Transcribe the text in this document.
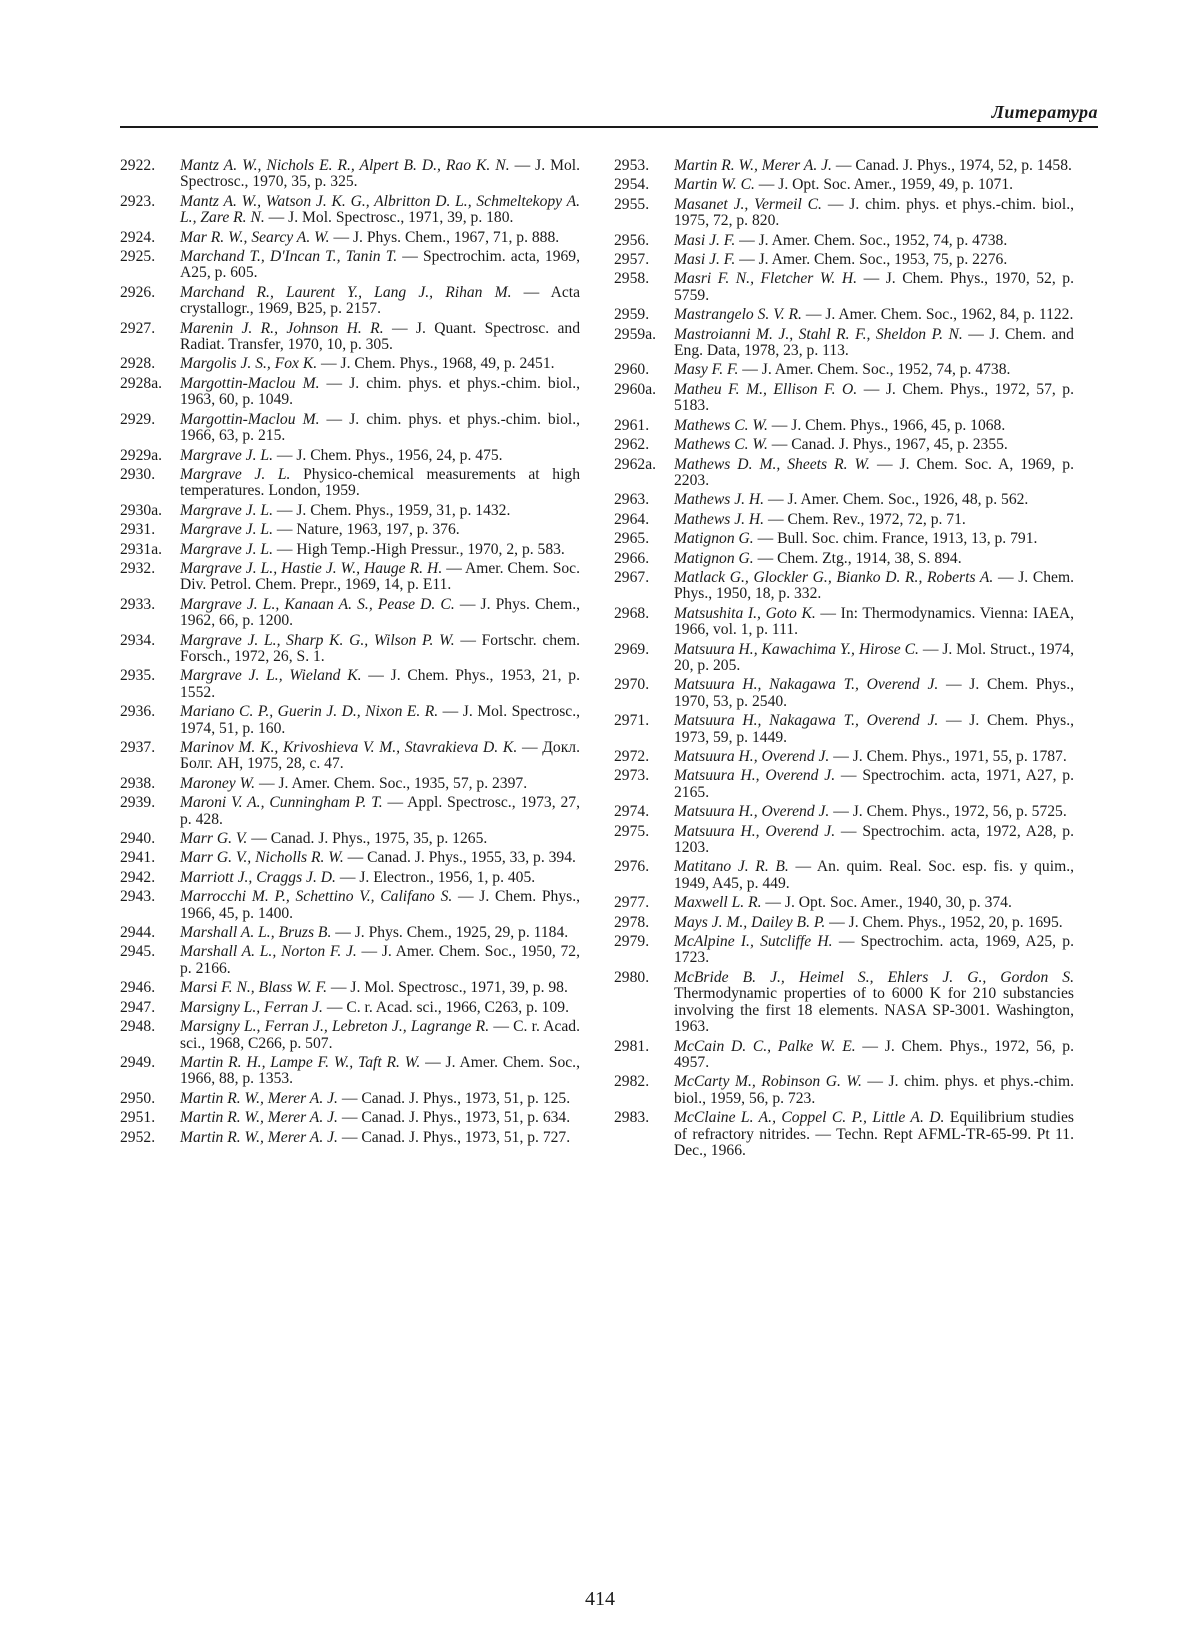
Литература

2922.	Mantz A. W., Nichols E. R., Alpert B. D., Rao K. N. — J. Mol. Spectrosc., 1970, 35, p. 325.

2923.	Mantz A. W., Watson J. K. G., Albritton D. L., Schmeltekopy A. L., Zare R. N. — J. Mol. Spectrosc., 1971, 39, p. 180.

2924.	Mar R. W., Searcy A. W. — J. Phys. Chem., 1967, 71, p. 888.

2925.	Marchand T., D'Incan T., Tanin T. — Spectrochim. acta, 1969, A25, p. 605.

2926.	Marchand R., Laurent Y., Lang J., Rihan M. — Acta crystallogr., 1969, B25, p. 2157.

2927.	Marenin J. R., Johnson H. R. — J. Quant. Spectrosc. and Radiat. Transfer, 1970, 10, p. 305.

2928.	Margolis J. S., Fox K. — J. Chem. Phys., 1968, 49, p. 2451.

2928a.	Margottin-Maclou M. — J. chim. phys. et phys.-chim. biol., 1963, 60, p. 1049.

2929.	Margottin-Maclou M. — J. chim. phys. et phys.-chim. biol., 1966, 63, p. 215.

2929a.	Margrave J. L. — J. Chem. Phys., 1956, 24, p. 475.

2930.	Margrave J. L. Physico-chemical measurements at high temperatures. London, 1959.

2930a.	Margrave J. L. — J. Chem. Phys., 1959, 31, p. 1432.

2931.	Margrave J. L. — Nature, 1963, 197, p. 376.

2931a.	Margrave J. L. — High Temp.-High Pressur., 1970, 2, p. 583.

2932.	Margrave J. L., Hastie J. W., Hauge R. H. — Amer. Chem. Soc. Div. Petrol. Chem. Prepr., 1969, 14, p. E11.

2933.	Margrave J. L., Kanaan A. S., Pease D. C. — J. Phys. Chem., 1962, 66, p. 1200.

2934.	Margrave J. L., Sharp K. G., Wilson P. W. — Fortschr. chem. Forsch., 1972, 26, S. 1.

2935.	Margrave J. L., Wieland K. — J. Chem. Phys., 1953, 21, p. 1552.

2936.	Mariano C. P., Guerin J. D., Nixon E. R. — J. Mol. Spectrosc., 1974, 51, p. 160.

2937.	Marinov M. K., Krivoshieva V. M., Stavrakieva D. K. — Докл. Болг. АН, 1975, 28, c. 47.

2938.	Maroney W. — J. Amer. Chem. Soc., 1935, 57, p. 2397.

2939.	Maroni V. A., Cunningham P. T. — Appl. Spectrosc., 1973, 27, p. 428.

2940.	Marr G. V. — Canad. J. Phys., 1975, 35, p. 1265.

2941.	Marr G. V., Nicholls R. W. — Canad. J. Phys., 1955, 33, p. 394.

2942.	Marriott J., Craggs J. D. — J. Electron., 1956, 1, p. 405.

2943.	Marrocchi M. P., Schettino V., Califano S. — J. Chem. Phys., 1966, 45, p. 1400.

2944.	Marshall A. L., Bruzs B. — J. Phys. Chem., 1925, 29, p. 1184.

2945.	Marshall A. L., Norton F. J. — J. Amer. Chem. Soc., 1950, 72, p. 2166.

2946.	Marsi F. N., Blass W. F. — J. Mol. Spectrosc., 1971, 39, p. 98.

2947.	Marsigny L., Ferran J. — C. r. Acad. sci., 1966, C263, p. 109.

2948.	Marsigny L., Ferran J., Lebreton J., Lagrange R. — C. r. Acad. sci., 1968, C266, p. 507.

2949.	Martin R. H., Lampe F. W., Taft R. W. — J. Amer. Chem. Soc., 1966, 88, p. 1353.

2950.	Martin R. W., Merer A. J. — Canad. J. Phys., 1973, 51, p. 125.

2951.	Martin R. W., Merer A. J. — Canad. J. Phys., 1973, 51, p. 634.

2952.	Martin R. W., Merer A. J. — Canad. J. Phys., 1973, 51, p. 727.

2953.	Martin R. W., Merer A. J. — Canad. J. Phys., 1974, 52, p. 1458.

2954.	Martin W. C. — J. Opt. Soc. Amer., 1959, 49, p. 1071.

2955.	Masanet J., Vermeil C. — J. chim. phys. et phys.-chim. biol., 1975, 72, p. 820.

2956.	Masi J. F. — J. Amer. Chem. Soc., 1952, 74, p. 4738.

2957.	Masi J. F. — J. Amer. Chem. Soc., 1953, 75, p. 2276.

2958.	Masri F. N., Fletcher W. H. — J. Chem. Phys., 1970, 52, p. 5759.

2959.	Mastrangelo S. V. R. — J. Amer. Chem. Soc., 1962, 84, p. 1122.

2959a.	Mastroianni M. J., Stahl R. F., Sheldon P. N. — J. Chem. and Eng. Data, 1978, 23, p. 113.

2960.	Masy F. F. — J. Amer. Chem. Soc., 1952, 74, p. 4738.

2960a.	Matheu F. M., Ellison F. O. — J. Chem. Phys., 1972, 57, p. 5183.

2961.	Mathews C. W. — J. Chem. Phys., 1966, 45, p. 1068.

2962.	Mathews C. W. — Canad. J. Phys., 1967, 45, p. 2355.

2962a.	Mathews D. M., Sheets R. W. — J. Chem. Soc. A, 1969, p. 2203.

2963.	Mathews J. H. — J. Amer. Chem. Soc., 1926, 48, p. 562.

2964.	Mathews J. H. — Chem. Rev., 1972, 72, p. 71.

2965.	Matignon G. — Bull. Soc. chim. France, 1913, 13, p. 791.

2966.	Matignon G. — Chem. Ztg., 1914, 38, S. 894.

2967.	Matlack G., Glockler G., Bianko D. R., Roberts A. — J. Chem. Phys., 1950, 18, p. 332.

2968.	Matsushita I., Goto K. — In: Thermodynamics. Vienna: IAEA, 1966, vol. 1, p. 111.

2969.	Matsuura H., Kawachima Y., Hirose C. — J. Mol. Struct., 1974, 20, p. 205.

2970.	Matsuura H., Nakagawa T., Overend J. — J. Chem. Phys., 1970, 53, p. 2540.

2971.	Matsuura H., Nakagawa T., Overend J. — J. Chem. Phys., 1973, 59, p. 1449.

2972.	Matsuura H., Overend J. — J. Chem. Phys., 1971, 55, p. 1787.

2973.	Matsuura H., Overend J. — Spectrochim. acta, 1971, A27, p. 2165.

2974.	Matsuura H., Overend J. — J. Chem. Phys., 1972, 56, p. 5725.

2975.	Matsuura H., Overend J. — Spectrochim. acta, 1972, A28, p. 1203.

2976.	Matitano J. R. B. — An. quim. Real. Soc. esp. fis. y quim., 1949, A45, p. 449.

2977.	Maxwell L. R. — J. Opt. Soc. Amer., 1940, 30, p. 374.

2978.	Mays J. M., Dailey B. P. — J. Chem. Phys., 1952, 20, p. 1695.

2979.	McAlpine I., Sutcliffe H. — Spectrochim. acta, 1969, A25, p. 1723.

2980.	McBride B. J., Heimel S., Ehlers J. G., Gordon S. Thermodynamic properties of to 6000 K for 210 substancies involving the first 18 elements. NASA SP-3001. Washington, 1963.

2981.	McCain D. C., Palke W. E. — J. Chem. Phys., 1972, 56, p. 4957.

2982.	McCarty M., Robinson G. W. — J. chim. phys. et phys.-chim. biol., 1959, 56, p. 723.

2983.	McClaine L. A., Coppel C. P., Little A. D. Equilibrium studies of refractory nitrides. — Techn. Rept AFML-TR-65-99. Pt 11. Dec., 1966.

414
